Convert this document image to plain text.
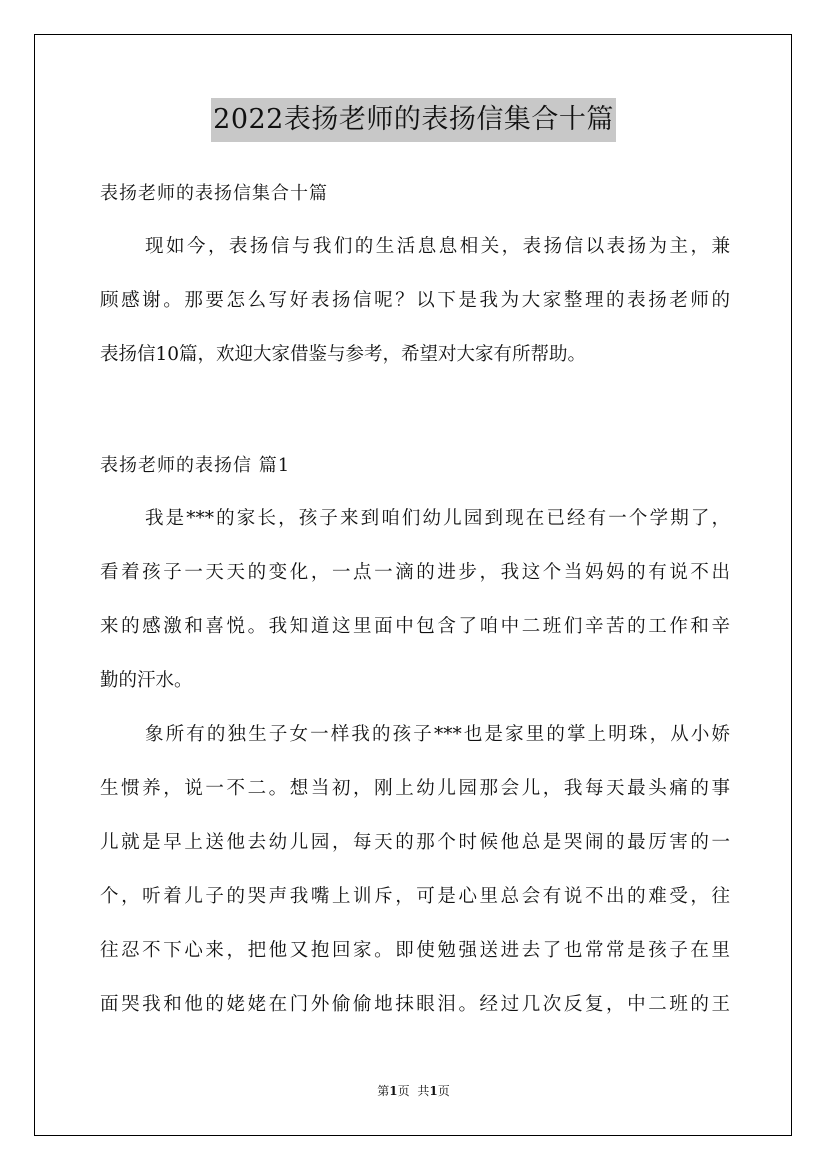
2022表扬老师的表扬信集合十篇
表扬老师的表扬信集合十篇
现如今，表扬信与我们的生活息息相关，表扬信以表扬为主，兼
顾感谢。那要怎么写好表扬信呢？以下是我为大家整理的表扬老师的
表扬信10篇，欢迎大家借鉴与参考，希望对大家有所帮助。
表扬老师的表扬信 篇1
我是***的家长，孩子来到咱们幼儿园到现在已经有一个学期了，
看着孩子一天天的变化，一点一滴的进步，我这个当妈妈的有说不出
来的感激和喜悦。我知道这里面中包含了咱中二班们辛苦的工作和辛
勤的汗水。
象所有的独生子女一样我的孩子***也是家里的掌上明珠，从小娇
生惯养，说一不二。想当初，刚上幼儿园那会儿，我每天最头痛的事
儿就是早上送他去幼儿园，每天的那个时候他总是哭闹的最厉害的一
个，听着儿子的哭声我嘴上训斥，可是心里总会有说不出的难受，往
往忍不下心来，把他又抱回家。即使勉强送进去了也常常是孩子在里
面哭我和他的姥姥在门外偷偷地抹眼泪。经过几次反复，中二班的王
第1页 共1页
